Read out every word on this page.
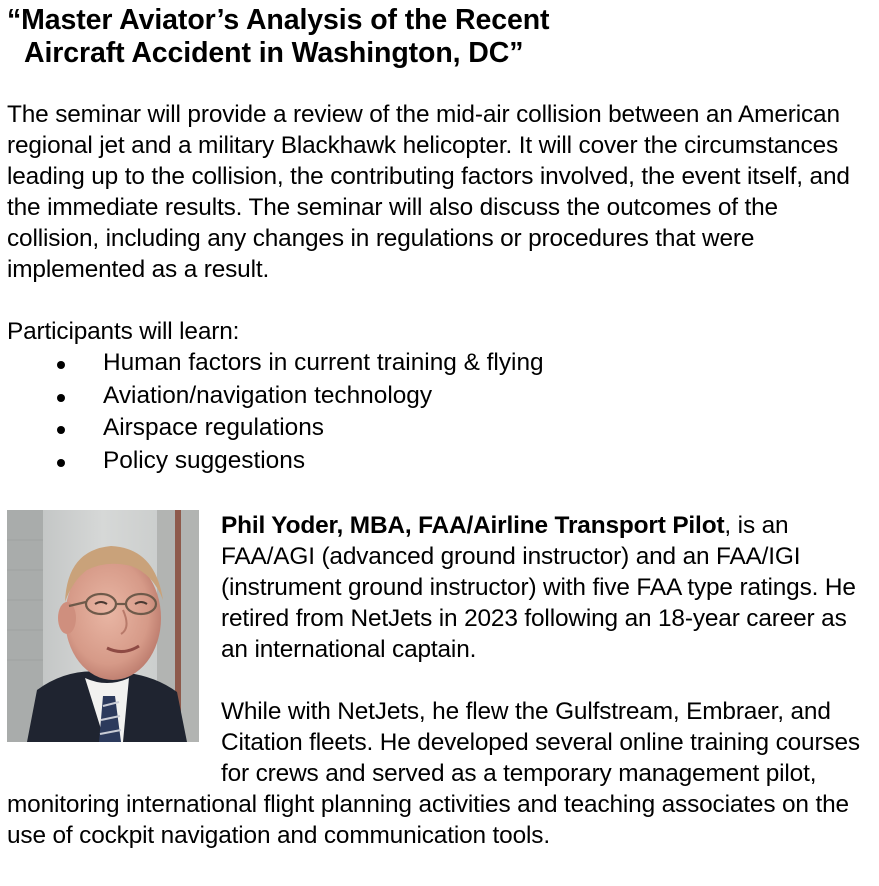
“Master Aviator’s Analysis of the Recent
Aircraft Accident in Washington, DC”

The seminar will provide a review of the mid-air collision between an American regional jet and a military Blackhawk helicopter. It will cover the circumstances leading up to the collision, the contributing factors involved, the event itself, and the immediate results. The seminar will also discuss the outcomes of the collision, including any changes in regulations or procedures that were implemented as a result.

Participants will learn:

Human factors in current training & flying
Aviation/navigation technology
Airspace regulations
Policy suggestions

Phil Yoder, MBA, FAA/Airline Transport Pilot, is an FAA/AGI (advanced ground instructor) and an FAA/IGI (instrument ground instructor) with five FAA type ratings. He retired from NetJets in 2023 following an 18-year career as an international captain.

While with NetJets, he flew the Gulfstream, Embraer, and Citation fleets. He developed several online training courses for crews and served as a temporary management pilot, monitoring international flight planning activities and teaching associates on the use of cockpit navigation and communication tools.
